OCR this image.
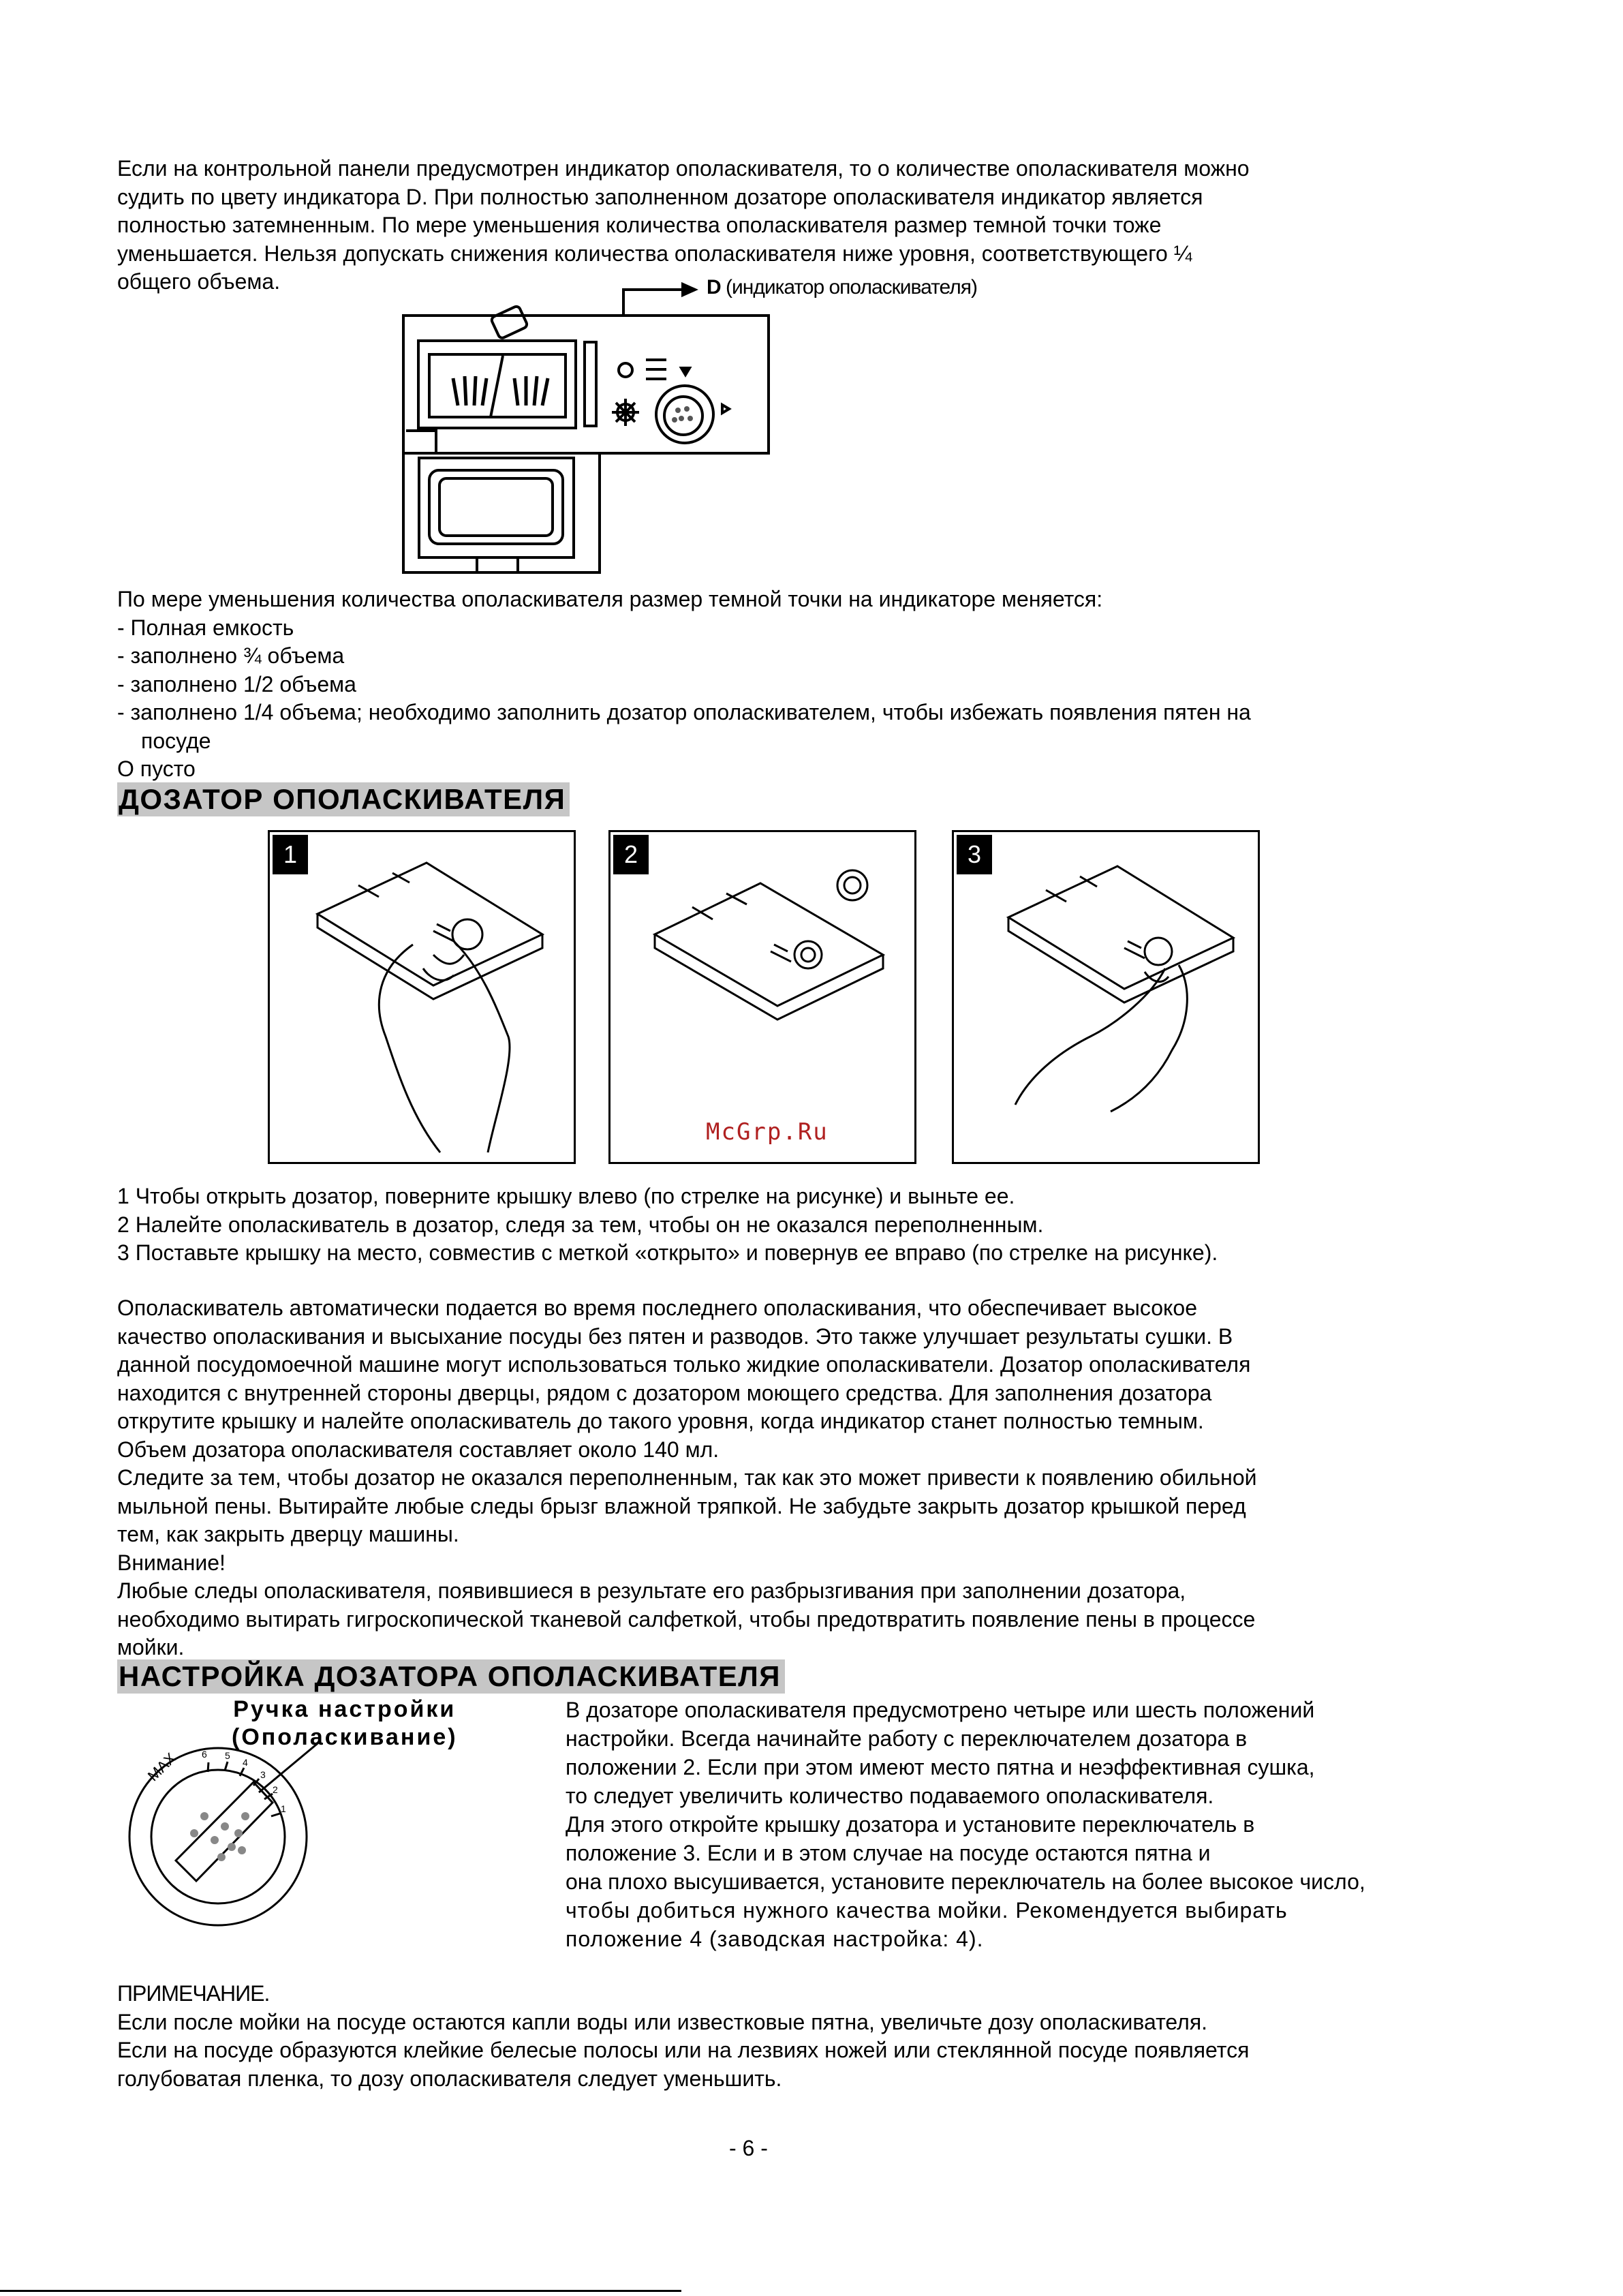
Если на контрольной панели предусмотрен индикатор ополаскивателя, то о количестве ополаскивателя можно
судить по цвету индикатора D. При полностью заполненном дозаторе ополаскивателя индикатор является
полностью затемненным. По мере уменьшения количества ополаскивателя размер темной точки тоже
уменьшается. Нельзя допускать снижения количества ополаскивателя ниже уровня, соответствующего ¼
общего объема.	D (индикатор ополаскивателя)
По мере уменьшения количества ополаскивателя размер темной точки на индикаторе меняется:
- Полная емкость
- заполнено ¾ объема
- заполнено 1/2 объема
- заполнено 1/4 объема; необходимо заполнить дозатор ополаскивателем, чтобы избежать появления пятен на
посуде
О пусто
ДОЗАТОР ОПОЛАСКИВАТЕЛЯ
1	2
McGrp.Ru
3
1 Чтобы открыть дозатор, поверните крышку влево (по стрелке на рисунке) и выньте ее.
2 Налейте ополаскиватель в дозатор, следя за тем, чтобы он не оказался переполненным.
3 Поставьте крышку на место, совместив с меткой «открыто» и повернув ее вправо (по стрелке на рисунке).
Ополаскиватель автоматически подается во время последнего ополаскивания, что обеспечивает высокое
качество ополаскивания и высыхание посуды без пятен и разводов. Это также улучшает результаты сушки. В
данной посудомоечной машине могут использоваться только жидкие ополаскиватели. Дозатор ополаскивателя
находится с внутренней стороны дверцы, рядом с дозатором моющего средства. Для заполнения дозатора
открутите крышку и налейте ополаскиватель до такого уровня, когда индикатор станет полностью темным.
Объем дозатора ополаскивателя составляет около 140 мл.
Следите за тем, чтобы дозатор не оказался переполненным, так как это может привести к появлению обильной
мыльной пены. Вытирайте любые следы брызг влажной тряпкой. Не забудьте закрыть дозатор крышкой перед
тем, как закрыть дверцу машины.
Внимание!
Любые следы ополаскивателя, появившиеся в результате его разбрызгивания при заполнении дозатора,
необходимо вытирать гигроскопической тканевой салфеткой, чтобы предотвратить появление пены в процессе
мойки.
НАСТРОЙКА ДОЗАТОРА ОПОЛАСКИВАТЕЛЯ
Ручка настройки
(Ополаскивание)
MAX 6 5
4
3
2
1
В дозаторе ополаскивателя предусмотрено четыре или шесть положений
настройки. Всегда начинайте работу с переключателем дозатора в
положении 2. Если при этом имеют место пятна и неэффективная сушка,
то следует увеличить количество подаваемого ополаскивателя.
Для этого откройте крышку дозатора и установите переключатель в
положение 3. Если и в этом случае на посуде остаются пятна и
она плохо высушивается, установите переключатель на более высокое число,
чтобы добиться нужного качества мойки. Рекомендуется выбирать
положение 4 (заводская настройка: 4).
ПРИМЕЧАНИЕ.
Если после мойки на посуде остаются капли воды или известковые пятна, увеличьте дозу ополаскивателя.
Если на посуде образуются клейкие белесые полосы или на лезвиях ножей или стеклянной посуде появляется
голубоватая пленка, то дозу ополаскивателя следует уменьшить.
- 6 -
